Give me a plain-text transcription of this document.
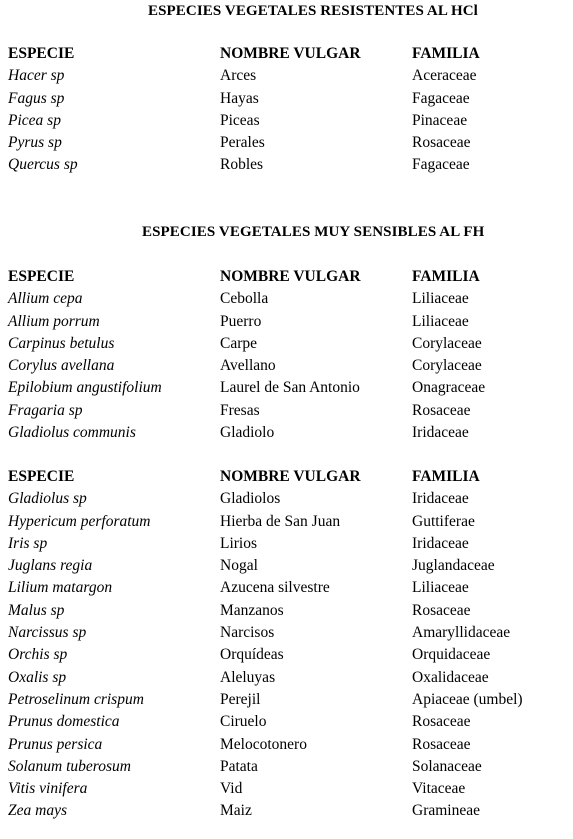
ESPECIES VEGETALES RESISTENTES AL HCl
ESPECIE	NOMBRE VULGAR	FAMILIA
Hacer sp	Arces	Aceraceae
Fagus sp	Hayas	Fagaceae
Picea sp	Piceas	Pinaceae
Pyrus sp	Perales	Rosaceae
Quercus sp	Robles	Fagaceae
ESPECIES VEGETALES MUY SENSIBLES AL FH
ESPECIE	NOMBRE VULGAR	FAMILIA
Allium cepa	Cebolla	Liliaceae
Allium porrum	Puerro	Liliaceae
Carpinus betulus	Carpe	Corylaceae
Corylus avellana	Avellano	Corylaceae
Epilobium angustifolium	Laurel de San Antonio	Onagraceae
Fragaria sp	Fresas	Rosaceae
Gladiolus communis	Gladiolo	Iridaceae
ESPECIE	NOMBRE VULGAR	FAMILIA
Gladiolus sp	Gladiolos	Iridaceae
Hypericum perforatum	Hierba de San Juan	Guttiferae
Iris sp	Lirios	Iridaceae
Juglans regia	Nogal	Juglandaceae
Lilium matargon	Azucena silvestre	Liliaceae
Malus sp	Manzanos	Rosaceae
Narcissus sp	Narcisos	Amaryllidaceae
Orchis sp	Orquídeas	Orquidaceae
Oxalis sp	Aleluyas	Oxalidaceae
Petroselinum crispum	Perejil	Apiaceae (umbel)
Prunus domestica	Ciruelo	Rosaceae
Prunus persica	Melocotonero	Rosaceae
Solanum tuberosum	Patata	Solanaceae
Vitis vinifera	Vid	Vitaceae
Zea mays	Maiz	Gramineae
